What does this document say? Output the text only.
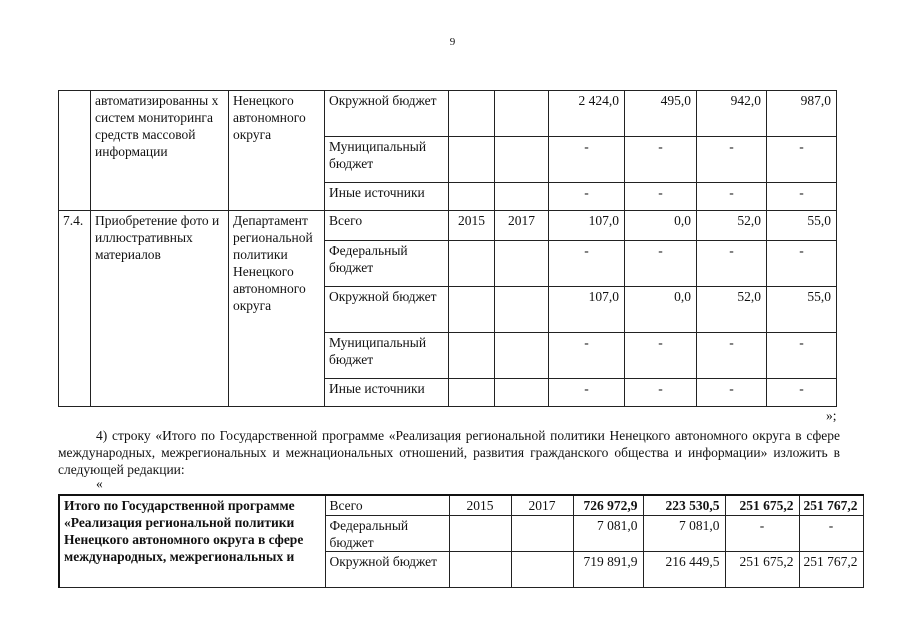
9
	автоматизированны х систем мониторинга средств массовой информации	Ненецкого автономного округа	Окружной бюджет			2 424,0	495,0	942,0	987,0
			Муниципальный бюджет			-	-	-	-
			Иные источники			-	-	-	-
7.4.	Приобретение фото и иллюстративных материалов	Департамент региональной политики Ненецкого автономного округа	Всего	2015	2017	107,0	0,0	52,0	55,0
			Федеральный бюджет			-	-	-	-
			Окружной бюджет			107,0	0,0	52,0	55,0
			Муниципальный бюджет			-	-	-	-
			Иные источники			-	-	-	-
»;
4) строку «Итого по Государственной программе «Реализация региональной политики Ненецкого автономного округа в сфере международных, межрегиональных и межнациональных отношений, развития гражданского общества и информации» изложить в следующей редакции:
«
Итого по Государственной программе «Реализация региональной политики Ненецкого автономного округа в сфере международных, межрегиональных и	Всего	2015	2017	726 972,9	223 530,5	251 675,2	251 767,2
	Федеральный бюджет			7 081,0	7 081,0	-	-
	Окружной бюджет			719 891,9	216 449,5	251 675,2	251 767,2
